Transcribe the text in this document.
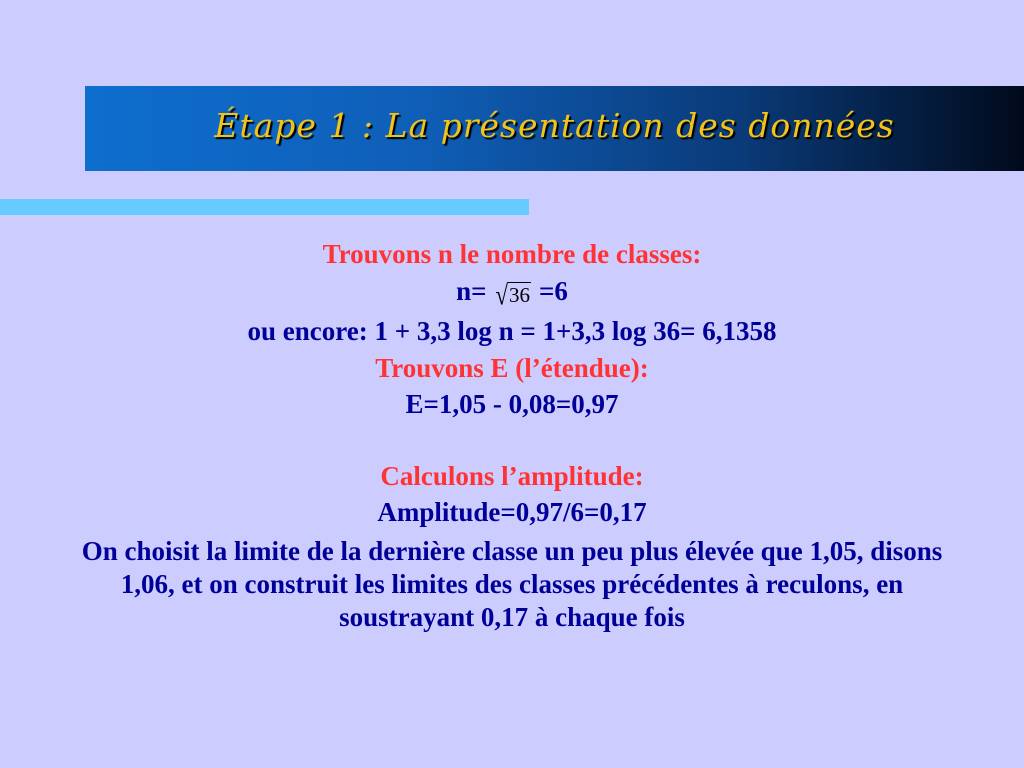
Étape 1 : La présentation des données
Trouvons n le nombre de classes:
n= √36 =6
ou encore: 1 + 3,3 log n = 1+3,3 log 36= 6,1358
Trouvons E (l’étendue):
E=1,05 - 0,08=0,97
Calculons l’amplitude:
Amplitude=0,97/6=0,17
On choisit la limite de la dernière classe un peu plus élevée que 1,05, disons 1,06, et on construit les limites des classes précédentes à reculons, en soustrayant 0,17 à chaque fois
